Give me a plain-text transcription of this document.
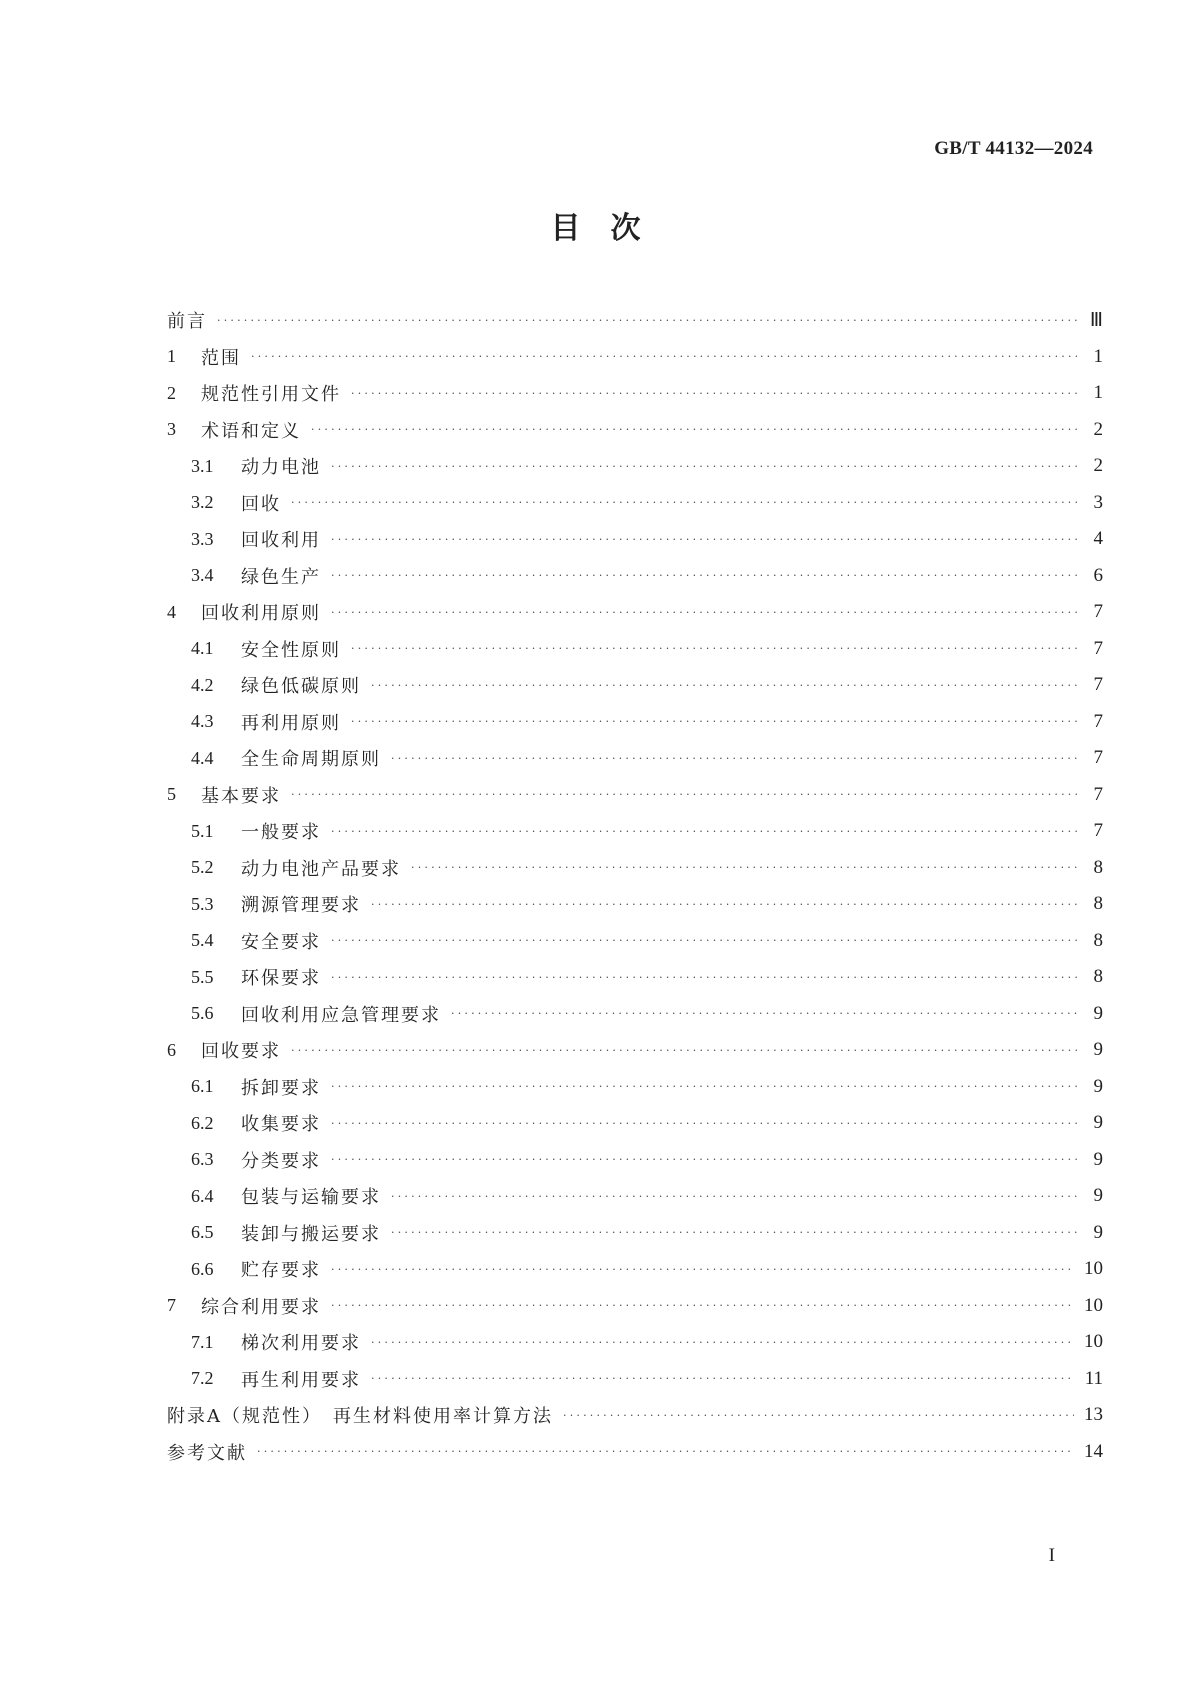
GB/T 44132—2024
目　次
前言 ·····	Ⅲ
1	范围 ·····	1
2	规范性引用文件 ·····	1
3	术语和定义 ·····	2
3.1	动力电池 ·····	2
3.2	回收 ·····	3
3.3	回收利用 ·····	4
3.4	绿色生产 ·····	6
4	回收利用原则 ·····	7
4.1	安全性原则 ·····	7
4.2	绿色低碳原则 ·····	7
4.3	再利用原则 ·····	7
4.4	全生命周期原则 ·····	7
5	基本要求 ·····	7
5.1	一般要求 ·····	7
5.2	动力电池产品要求 ·····	8
5.3	溯源管理要求 ·····	8
5.4	安全要求 ·····	8
5.5	环保要求 ·····	8
5.6	回收利用应急管理要求 ·····	9
6	回收要求 ·····	9
6.1	拆卸要求 ·····	9
6.2	收集要求 ·····	9
6.3	分类要求 ·····	9
6.4	包装与运输要求 ·····	9
6.5	装卸与搬运要求 ·····	9
6.6	贮存要求 ·····	10
7	综合利用要求 ·····	10
7.1	梯次利用要求 ·····	10
7.2	再生利用要求 ·····	11
附录A（规范性）　再生材料使用率计算方法 ·····	13
参考文献 ·····	14
I
